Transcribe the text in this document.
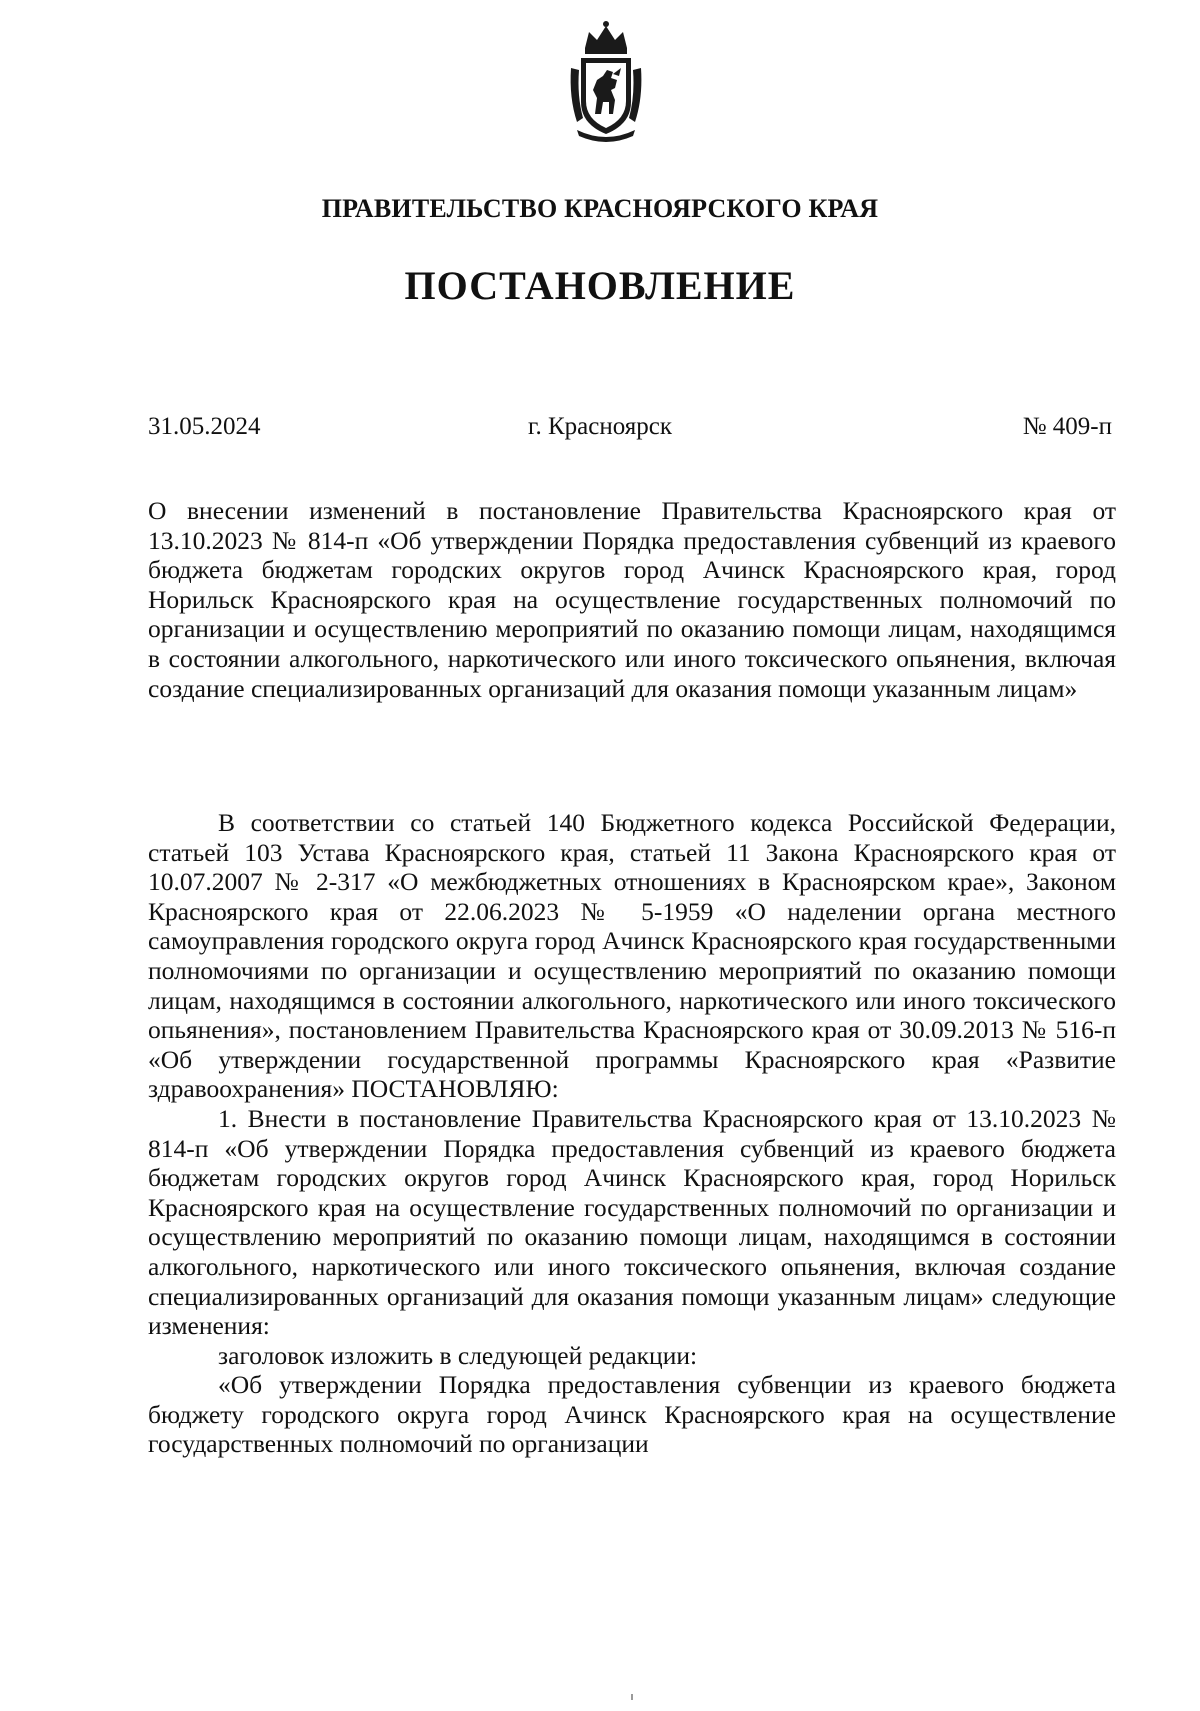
ПРАВИТЕЛЬСТВО КРАСНОЯРСКОГО КРАЯ
ПОСТАНОВЛЕНИЕ
31.05.2024	г. Красноярск	№ 409-п
О внесении изменений в постановление Правительства Красноярского края от 13.10.2023 № 814-п «Об утверждении Порядка предоставления субвенций из краевого бюджета бюджетам городских округов город Ачинск Красноярского края, город Норильск Красноярского края на осуществление государственных полномочий по организации и осуществлению мероприятий по оказанию помощи лицам, находящимся в состоянии алкогольного, наркотического или иного токсического опьянения, включая создание специализированных организаций для оказания помощи указанным лицам»

В соответствии со статьей 140 Бюджетного кодекса Российской Федерации, статьей 103 Устава Красноярского края, статьей 11 Закона Красноярского края от 10.07.2007 № 2-317 «О межбюджетных отношениях в Красноярском крае», Законом Красноярского края от 22.06.2023 № 5-1959 «О наделении органа местного самоуправления городского округа город Ачинск Красноярского края государственными полномочиями по организации и осуществлению мероприятий по оказанию помощи лицам, находящимся в состоянии алкогольного, наркотического или иного токсического опьянения», постановлением Правительства Красноярского края от 30.09.2013 № 516-п «Об утверждении государственной программы Красноярского края «Развитие здравоохранения» ПОСТАНОВЛЯЮ:

1. Внести в постановление Правительства Красноярского края от 13.10.2023 № 814-п «Об утверждении Порядка предоставления субвенций из краевого бюджета бюджетам городских округов город Ачинск Красноярского края, город Норильск Красноярского края на осуществление государственных полномочий по организации и осуществлению мероприятий по оказанию помощи лицам, находящимся в состоянии алкогольного, наркотического или иного токсического опьянения, включая создание специализированных организаций для оказания помощи указанным лицам» следующие изменения:

заголовок изложить в следующей редакции:

«Об утверждении Порядка предоставления субвенции из краевого бюджета бюджету городского округа город Ачинск Красноярского края на осуществление государственных полномочий по организации
